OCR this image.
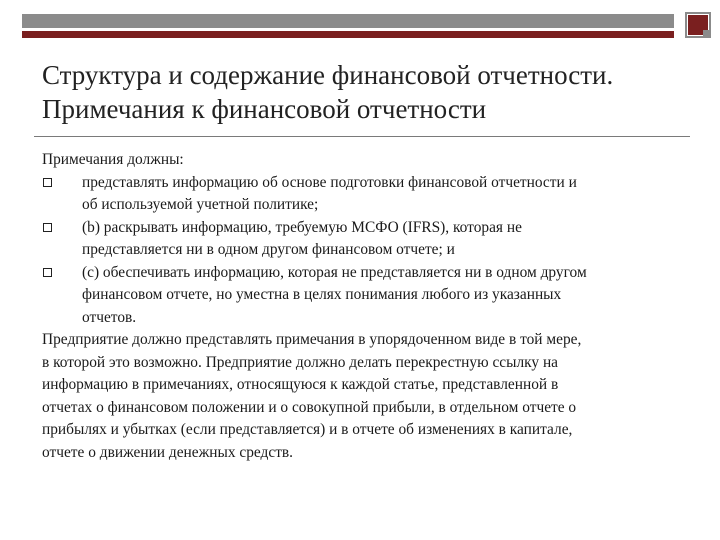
Структура и содержание финансовой отчетности.
Примечания к финансовой отчетности

Примечания должны:

представлять информацию об основе подготовки финансовой отчетности и
об используемой учетной политике;
(b) раскрывать информацию, требуемую МСФО (IFRS), которая не
представляется ни в одном другом финансовом отчете; и
(c) обеспечивать информацию, которая не представляется ни в одном другом
финансовом отчете, но уместна в целях понимания любого из указанных
отчетов.

Предприятие должно представлять примечания в упорядоченном виде в той мере,
в которой это возможно. Предприятие должно делать перекрестную ссылку на
информацию в примечаниях, относящуюся к каждой статье, представленной в
отчетах о финансовом положении и о совокупной прибыли, в отдельном отчете о
прибылях и убытках (если представляется) и в отчете об изменениях в капитале,
отчете о движении денежных средств.
